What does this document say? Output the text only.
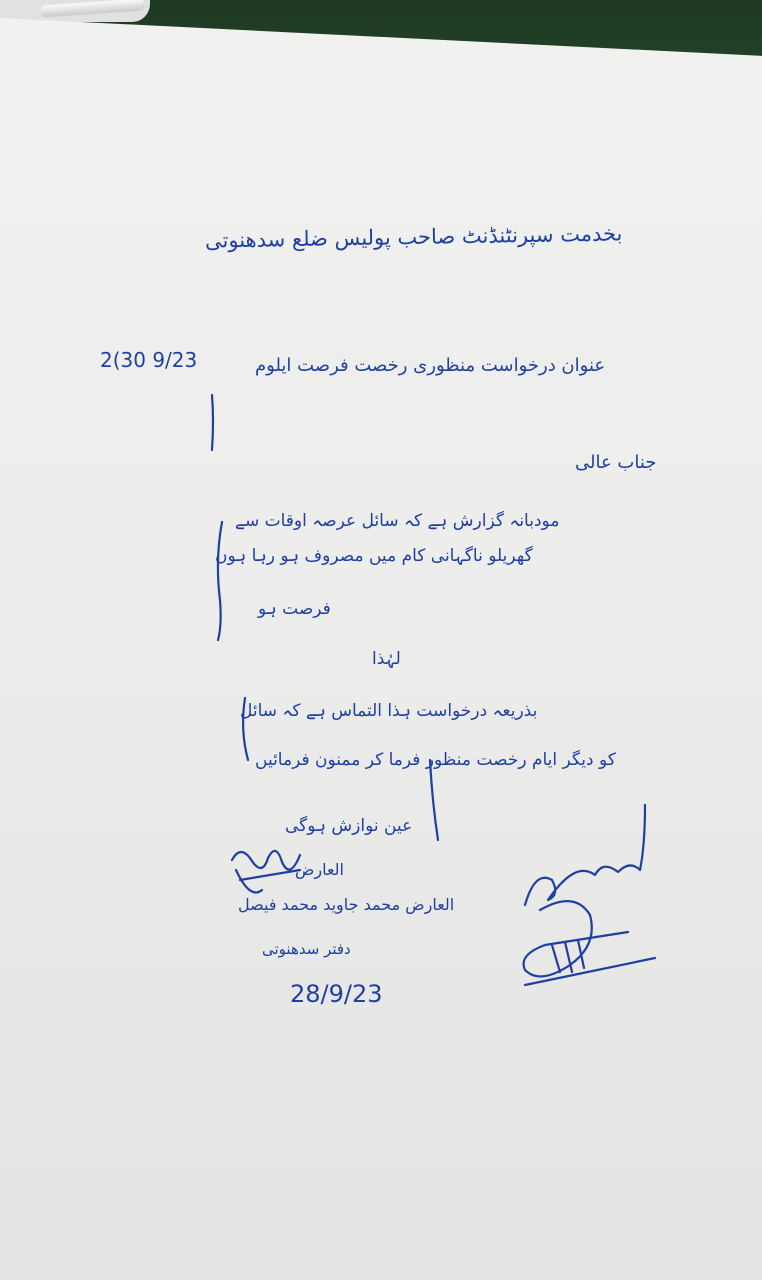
بخدمت سپرنٹنڈنٹ صاحب پولیس ضلع سدھنوتی
عنوان درخواست منظوری رخصت فرصت ایلوم
2(30 9/23
جناب عالی
مودبانہ گزارش ہے کہ سائل عرصہ اوقات سے
گھریلو ناگہانی کام میں مصروف ہو رہا ہوں
فرصت ہو
لہٰذا
بذریعہ درخواست ہذا التماس ہے کہ سائل
کو دیگر ایام رخصت منظور فرما کر ممنون فرمائیں
عین نوازش ہوگی
العارض
العارض محمد جاوید محمد فیصل
دفتر سدھنوتی
28/9/23
